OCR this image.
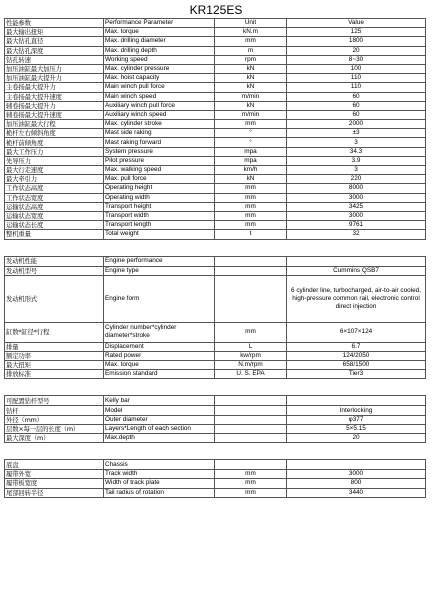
KR125ES
性能参数	Performance Parameter	Unit	Value
最大输出扭矩	Max. torque	kN.m	125
最大钻孔直径	Max. drilling diameter	mm	1800
最大钻孔深度	Max. drilling depth	m	20
钻孔转速	Working speed	rpm	8~30
加压油缸最大加压力	Max. cylinder pressure	kN	100
加压油缸最大提升力	Max. hoist capacity	kN	110
主卷扬最大提升力	Main winch pull force	kN	110
主卷扬最大提升速度	Main winch speed	m/min	60
辅卷扬最大提升力	Auxiliary winch pull force	kN	60
辅卷扬最大提升速度	Auxiliary winch speed	m/min	60
加压油缸最大行程	Max. cylinder stroke	mm	2000
桅杆左右倾斜角度	Mast side raking	°	±3
桅杆前倾角度	Mast raking forward	°	3
最大工作压力	System pressure	mpa	34.3
先导压力	Pilot pressure	mpa	3.9
最大行走速度	Max. walking speed	km/h	3
最大牵引力	Max. pull force	kN	220
工作状态高度	Operating height	mm	8000
工作状态宽度	Operating width	mm	3000
运输状态高度	Transport height	mm	3425
运输状态宽度	Transport width	mm	3000
运输状态长度	Transport length	mm	9761
整机重量	Total weight	t	32

发动机性能	Engine performance		
发动机型号	Engine type		Cummins QSB7
发动机形式	Engine form		6 cylinder line, turbocharged, air-to-air cooled, high-pressure common rail, electronic control direct injection
缸数*缸径*行程	Cylinder number*cylinder diameter*stroke	mm	6×107×124
排量	Displacement	L	6.7
额定功率	Rated power	kw/rpm	124/2050
最大扭矩	Max. torque	N.m/rpm	658/1500
排放标准	Emission standard	U. S. EPA	Tier3

可配置钻杆型号	Kelly bar		
钻杆	Model		Interlocking
外径（mm）	Outer diameter		φ377
层数×每一层的长度（m）	Layers*Length of each section		5×5.15
最大深度（m）	Max.depth		20

底盘	Chassis		
履带外宽	Track width	mm	3000
履带板宽度	Width of track plate	mm	800
尾部回转半径	Tail radius of rotation	mm	3440
